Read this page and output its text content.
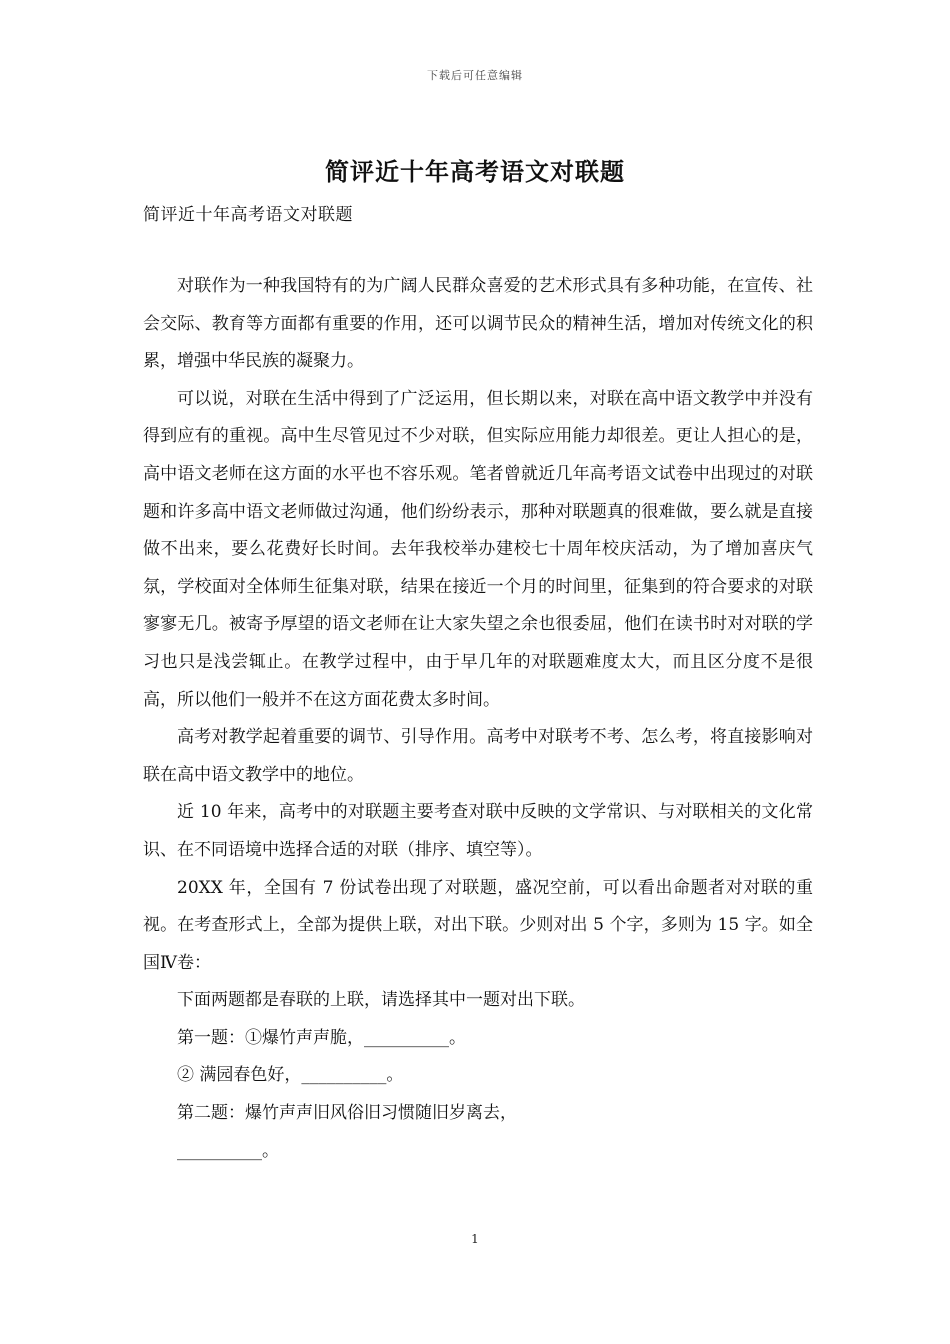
下载后可任意编辑
简评近十年高考语文对联题
简评近十年高考语文对联题

对联作为一种我国特有的为广阔人民群众喜爱的艺术形式具有多种功能，在宣传、社会交际、教育等方面都有重要的作用，还可以调节民众的精神生活，增加对传统文化的积累，增强中华民族的凝聚力。

可以说，对联在生活中得到了广泛运用，但长期以来，对联在高中语文教学中并没有得到应有的重视。高中生尽管见过不少对联，但实际应用能力却很差。更让人担心的是，高中语文老师在这方面的水平也不容乐观。笔者曾就近几年高考语文试卷中出现过的对联题和许多高中语文老师做过沟通，他们纷纷表示，那种对联题真的很难做，要么就是直接做不出来，要么花费好长时间。去年我校举办建校七十周年校庆活动，为了增加喜庆气氛，学校面对全体师生征集对联，结果在接近一个月的时间里，征集到的符合要求的对联寥寥无几。被寄予厚望的语文老师在让大家失望之余也很委屈，他们在读书时对对联的学习也只是浅尝辄止。在教学过程中，由于早几年的对联题难度太大，而且区分度不是很高，所以他们一般并不在这方面花费太多时间。

高考对教学起着重要的调节、引导作用。高考中对联考不考、怎么考，将直接影响对联在高中语文教学中的地位。

近 10 年来，高考中的对联题主要考查对联中反映的文学常识、与对联相关的文化常识、在不同语境中选择合适的对联（排序、填空等）。

20XX 年，全国有 7 份试卷出现了对联题，盛况空前，可以看出命题者对对联的重视。在考查形式上，全部为提供上联，对出下联。少则对出 5 个字，多则为 15 字。如全国Ⅳ卷：

下面两题都是春联的上联，请选择其中一题对出下联。

第一题：①爆竹声声脆，__________。

② 满园春色好，__________。

第二题：爆竹声声旧风俗旧习惯随旧岁离去，

__________。

1
